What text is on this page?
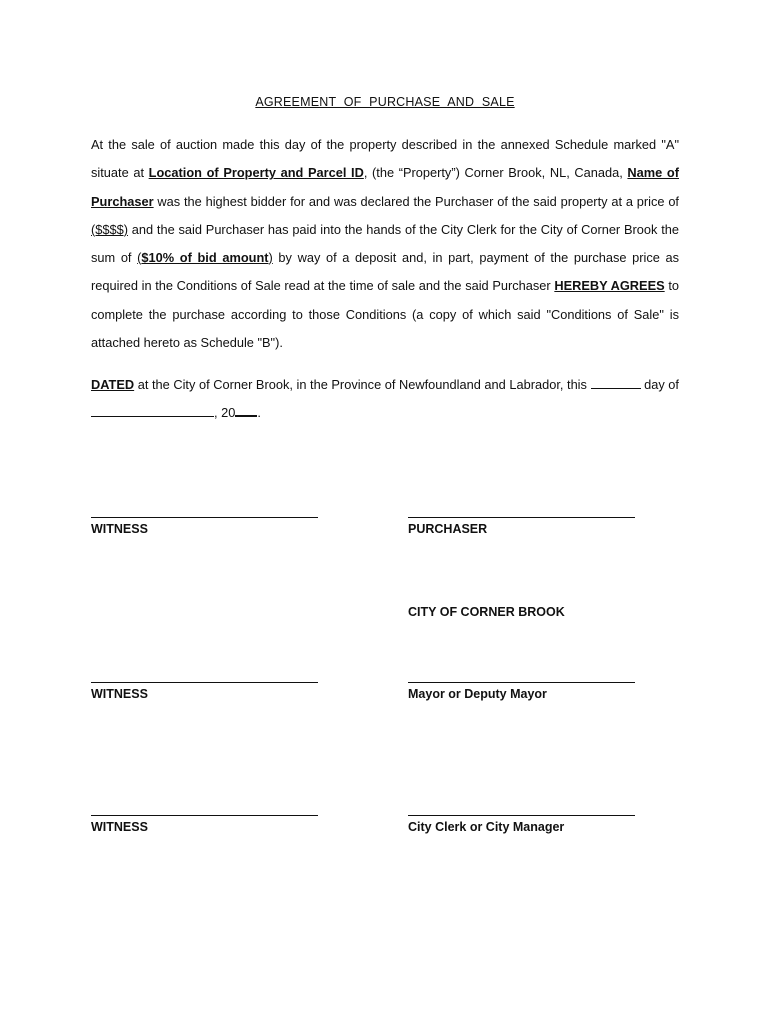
AGREEMENT OF PURCHASE AND SALE
At the sale of auction made this day of the property described in the annexed Schedule marked "A" situate at Location of Property and Parcel ID, (the “Property”) Corner Brook, NL, Canada, Name of Purchaser was the highest bidder for and was declared the Purchaser of the said property at a price of ($$$$) and the said Purchaser has paid into the hands of the City Clerk for the City of Corner Brook the sum of ($10% of bid amount) by way of a deposit and, in part, payment of the purchase price as required in the Conditions of Sale read at the time of sale and the said Purchaser HEREBY AGREES to complete the purchase according to those Conditions (a copy of which said "Conditions of Sale" is attached hereto as Schedule "B").
DATED at the City of Corner Brook, in the Province of Newfoundland and Labrador, this	day of , 20 .
WITNESS	PURCHASER
CITY OF CORNER BROOK
WITNESS	Mayor or Deputy Mayor
WITNESS	City Clerk or City Manager
